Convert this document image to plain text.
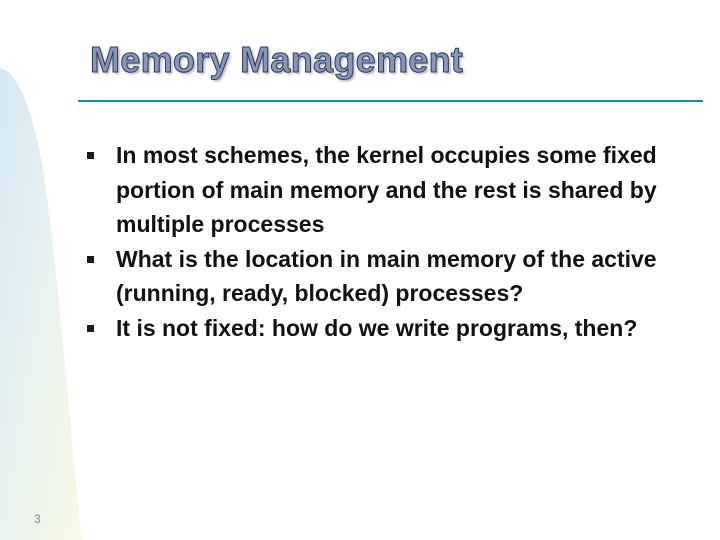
Memory Management
In most schemes, the kernel occupies some fixed portion of main memory and the rest is shared by multiple processes
What is the location in main memory of the active (running, ready, blocked) processes?
It is not fixed: how do we write programs, then?
3
